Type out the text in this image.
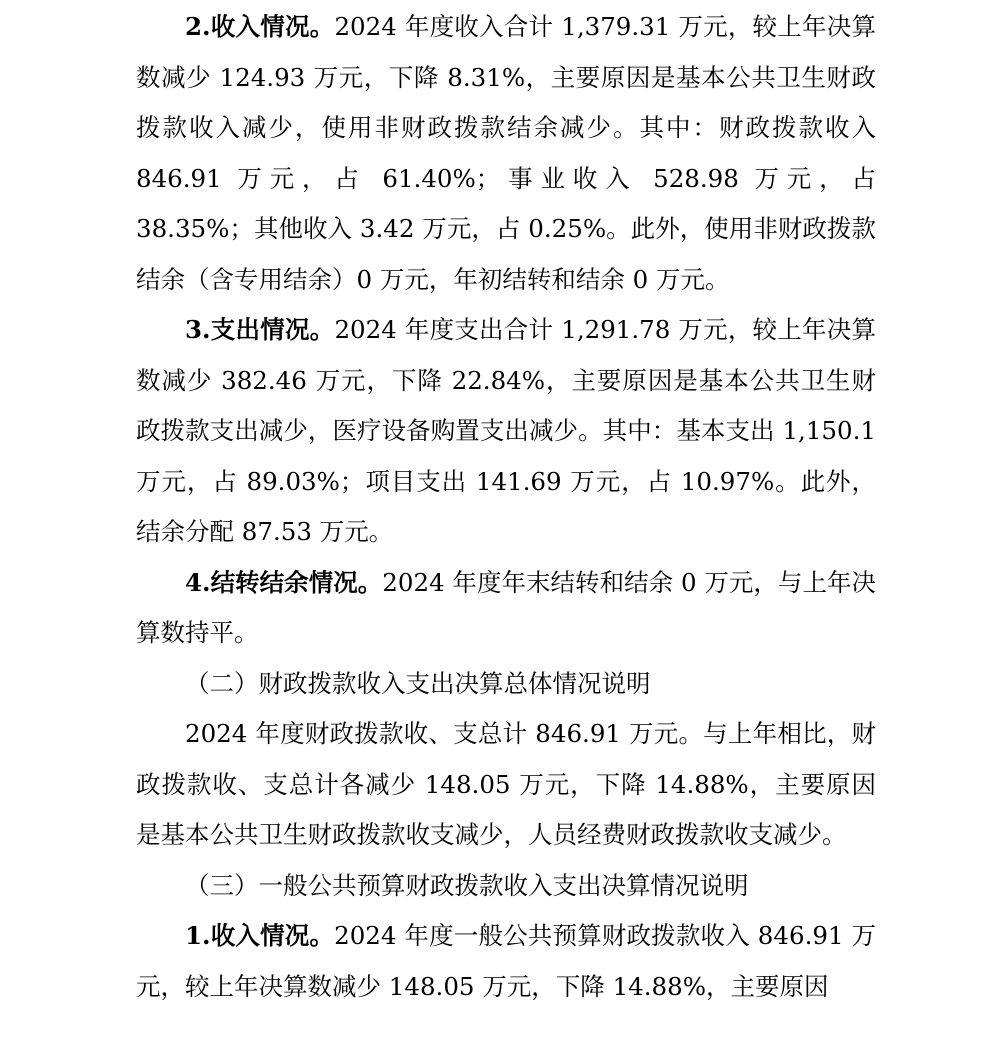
2.收入情况。2024 年度收入合计 1,379.31 万元，较上年决算数减少 124.93 万元，下降 8.31%，主要原因是基本公共卫生财政拨款收入减少，使用非财政拨款结余减少。其中：财政拨款收入 846.91 万元，占 61.40%；事业收入 528.98 万元，占 38.35%；其他收入 3.42 万元，占 0.25%。此外，使用非财政拨款结余（含专用结余）0 万元，年初结转和结余 0 万元。

3.支出情况。2024 年度支出合计 1,291.78 万元，较上年决算数减少 382.46 万元，下降 22.84%，主要原因是基本公共卫生财政拨款支出减少，医疗设备购置支出减少。其中：基本支出 1,150.1 万元，占 89.03%；项目支出 141.69 万元，占 10.97%。此外，结余分配 87.53 万元。

4.结转结余情况。2024 年度年末结转和结余 0 万元，与上年决算数持平。

（二）财政拨款收入支出决算总体情况说明

2024 年度财政拨款收、支总计 846.91 万元。与上年相比，财政拨款收、支总计各减少 148.05 万元，下降 14.88%，主要原因是基本公共卫生财政拨款收支减少，人员经费财政拨款收支减少。

（三）一般公共预算财政拨款收入支出决算情况说明

1.收入情况。2024 年度一般公共预算财政拨款收入 846.91 万元，较上年决算数减少 148.05 万元，下降 14.88%，主要原因
